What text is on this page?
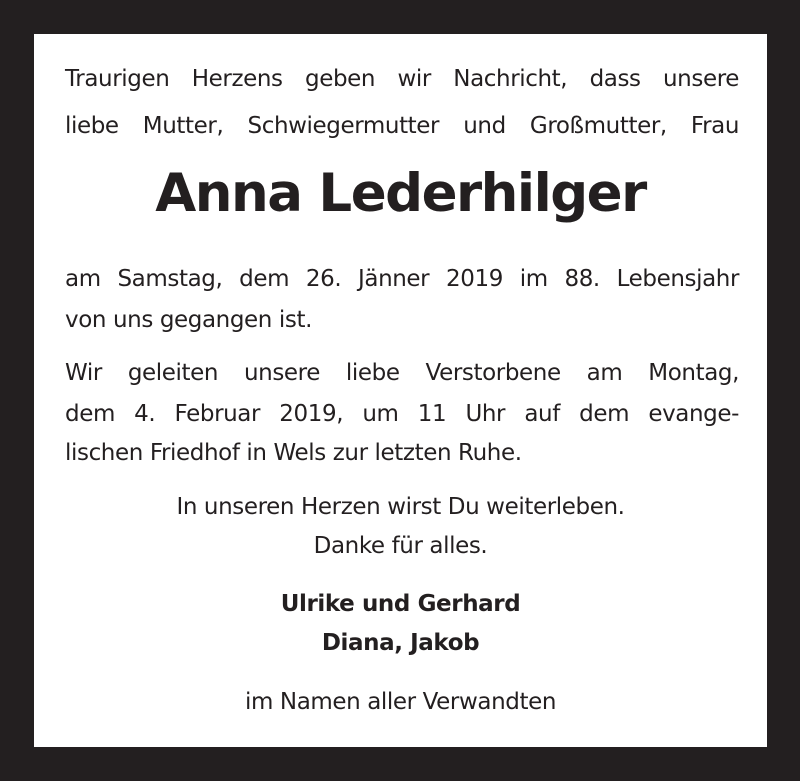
Traurigen Herzens geben wir Nachricht, dass unsere
liebe Mutter, Schwiegermutter und Großmutter, Frau
Anna Lederhilger
am Samstag, dem 26. Jänner 2019 im 88. Lebensjahr
von uns gegangen ist.
Wir geleiten unsere liebe Verstorbene am Montag,
dem 4. Februar 2019, um 11 Uhr auf dem evange-
lischen Friedhof in Wels zur letzten Ruhe.
In unseren Herzen wirst Du weiterleben.
Danke für alles.
Ulrike und Gerhard
Diana, Jakob
im Namen aller Verwandten
